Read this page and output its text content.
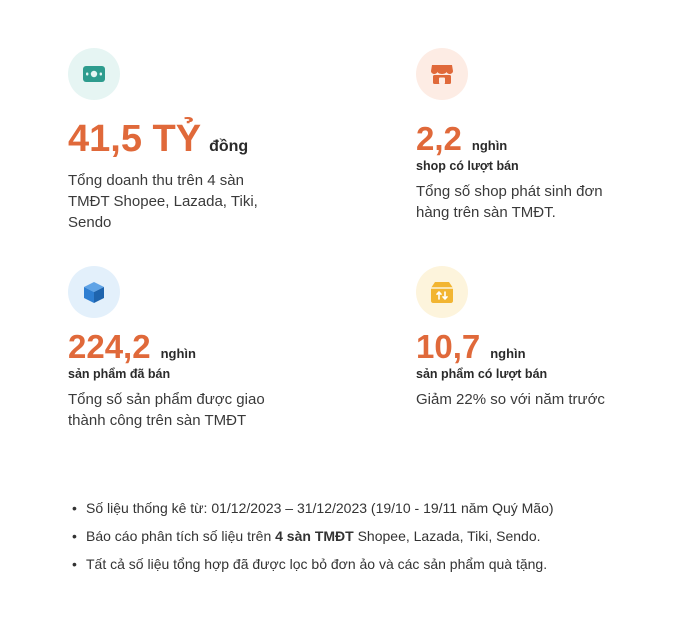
41,5 TỶ đồng
Tổng doanh thu trên 4 sàn TMĐT Shopee, Lazada, Tiki, Sendo
2,2 nghìn
shop có lượt bán
Tổng số shop phát sinh đơn hàng trên sàn TMĐT.
224,2 nghìn
sản phẩm đã bán
Tổng số sản phẩm được giao thành công trên sàn TMĐT
10,7 nghìn
sản phẩm có lượt bán
Giảm 22% so với năm trước
• Số liệu thống kê từ: 01/12/2023 – 31/12/2023 (19/10 - 19/11 năm Quý Mão)
• Báo cáo phân tích số liệu trên 4 sàn TMĐT Shopee, Lazada, Tiki, Sendo.
• Tất cả số liệu tổng hợp đã được lọc bỏ đơn ảo và các sản phẩm quà tặng.
